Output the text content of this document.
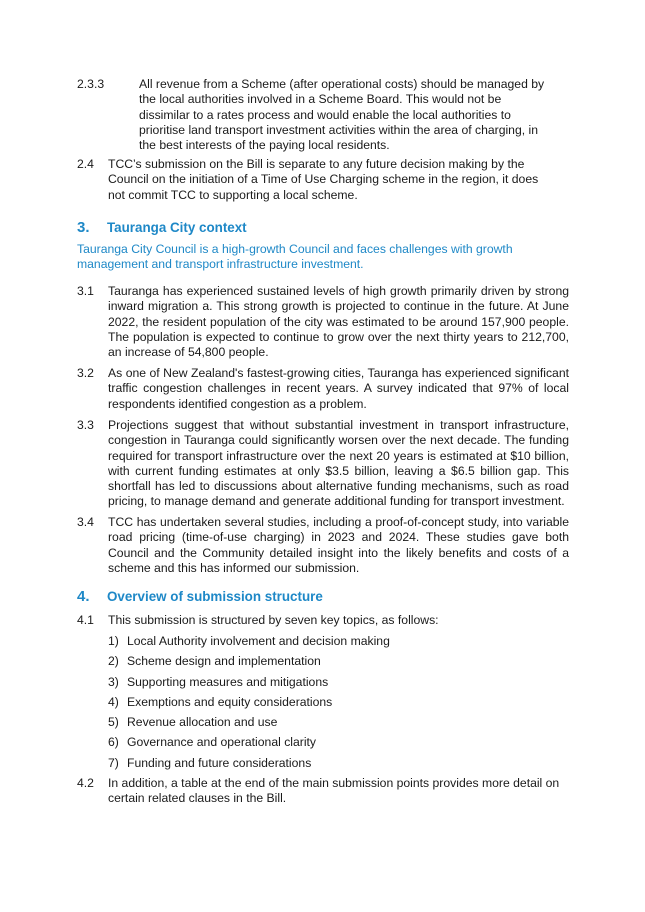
2.3.3	All revenue from a Scheme (after operational costs) should be managed by the local authorities involved in a Scheme Board. This would not be dissimilar to a rates process and would enable the local authorities to prioritise land transport investment activities within the area of charging, in the best interests of the paying local residents.
2.4 TCC’s submission on the Bill is separate to any future decision making by the Council on the initiation of a Time of Use Charging scheme in the region, it does not commit TCC to supporting a local scheme.
3. Tauranga City context
Tauranga City Council is a high-growth Council and faces challenges with growth management and transport infrastructure investment.
3.1 Tauranga has experienced sustained levels of high growth primarily driven by strong inward migration a. This strong growth is projected to continue in the future. At June 2022, the resident population of the city was estimated to be around 157,900 people. The population is expected to continue to grow over the next thirty years to 212,700, an increase of 54,800 people.
3.2 As one of New Zealand's fastest-growing cities, Tauranga has experienced significant traffic congestion challenges in recent years. A survey indicated that 97% of local respondents identified congestion as a problem.
3.3 Projections suggest that without substantial investment in transport infrastructure, congestion in Tauranga could significantly worsen over the next decade. The funding required for transport infrastructure over the next 20 years is estimated at $10 billion, with current funding estimates at only $3.5 billion, leaving a $6.5 billion gap. This shortfall has led to discussions about alternative funding mechanisms, such as road pricing, to manage demand and generate additional funding for transport investment.
3.4 TCC has undertaken several studies, including a proof-of-concept study, into variable road pricing (time-of-use charging) in 2023 and 2024. These studies gave both Council and the Community detailed insight into the likely benefits and costs of a scheme and this has informed our submission.
4. Overview of submission structure
4.1 This submission is structured by seven key topics, as follows:
1) Local Authority involvement and decision making
2) Scheme design and implementation
3) Supporting measures and mitigations
4) Exemptions and equity considerations
5) Revenue allocation and use
6) Governance and operational clarity
7) Funding and future considerations
4.2 In addition, a table at the end of the main submission points provides more detail on certain related clauses in the Bill.
